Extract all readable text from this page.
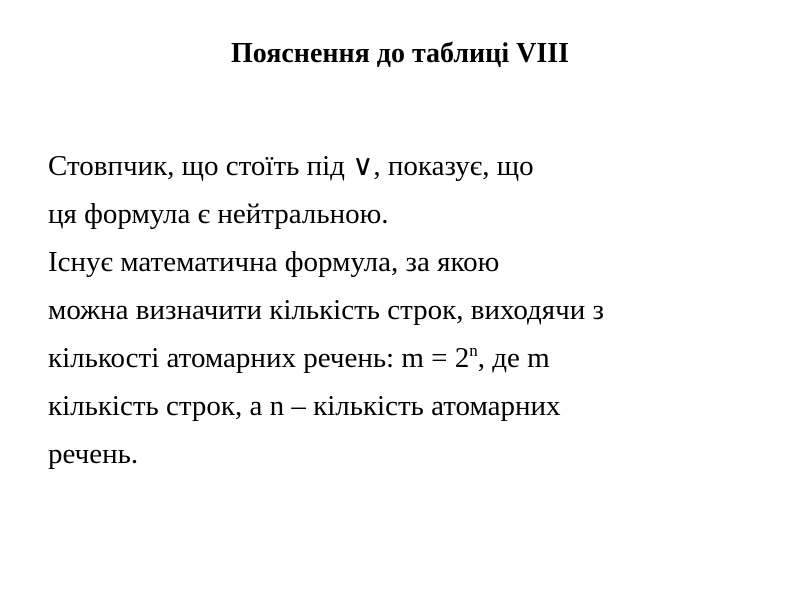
Пояснення до таблиці VIII
Стовпчик, що стоїть під ∨, показує, що
ця формула є нейтральною.
Існує математична формула, за якою
можна визначити кількість строк, виходячи з
кількості атомарних речень: $m = 2^n$, де m
кількість строк, а n – кількість атомарних
речень.
